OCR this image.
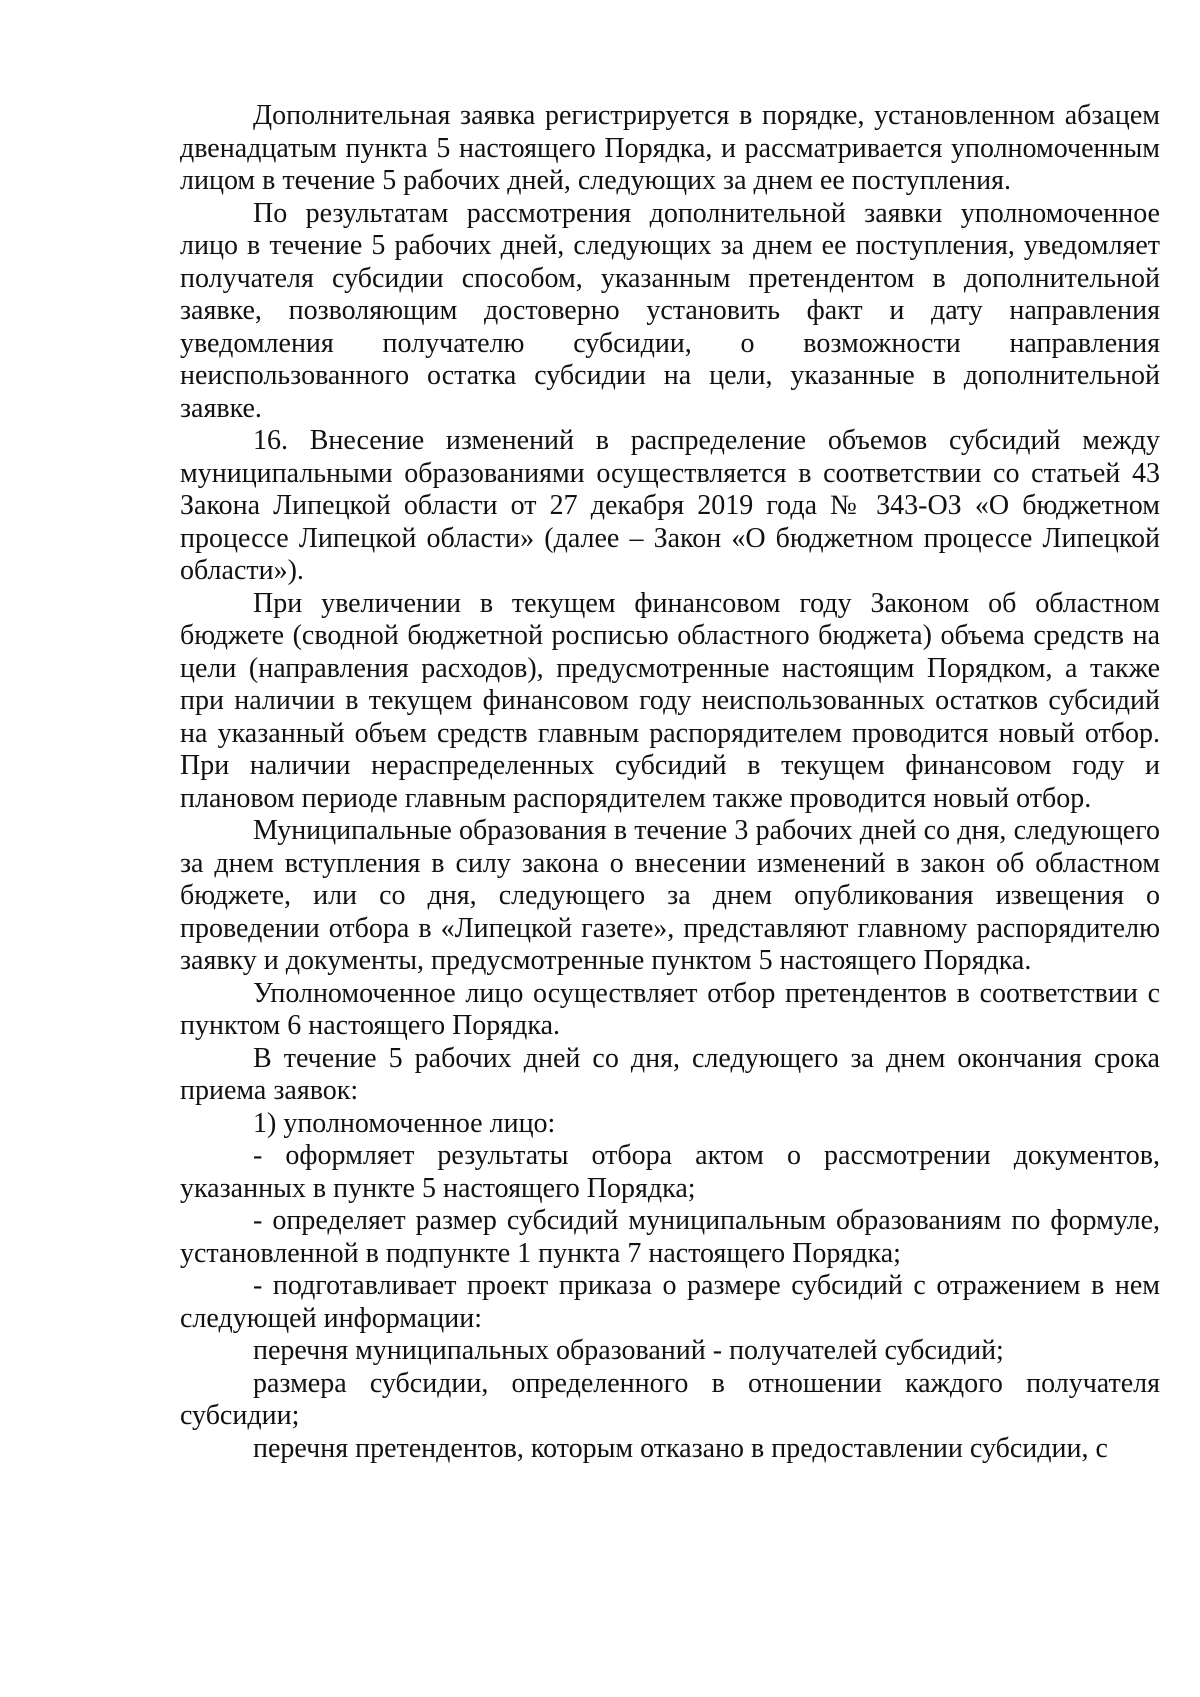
Дополнительная заявка регистрируется в порядке, установленном абзацем двенадцатым пункта 5 настоящего Порядка, и рассматривается уполномоченным лицом в течение 5 рабочих дней, следующих за днем ее поступления.

По результатам рассмотрения дополнительной заявки уполномоченное лицо в течение 5 рабочих дней, следующих за днем ее поступления, уведомляет получателя субсидии способом, указанным претендентом в дополнительной заявке, позволяющим достоверно установить факт и дату направления уведомления получателю субсидии, о возможности направления неиспользованного остатка субсидии на цели, указанные в дополнительной заявке.

16. Внесение изменений в распределение объемов субсидий между муниципальными образованиями осуществляется в соответствии со статьей 43 Закона Липецкой области от 27 декабря 2019 года № 343-ОЗ «О бюджетном процессе Липецкой области» (далее – Закон «О бюджетном процессе Липецкой области»).

При увеличении в текущем финансовом году Законом об областном бюджете (сводной бюджетной росписью областного бюджета) объема средств на цели (направления расходов), предусмотренные настоящим Порядком, а также при наличии в текущем финансовом году неиспользованных остатков субсидий на указанный объем средств главным распорядителем проводится новый отбор. При наличии нераспределенных субсидий в текущем финансовом году и плановом периоде главным распорядителем также проводится новый отбор.

Муниципальные образования в течение 3 рабочих дней со дня, следующего за днем вступления в силу закона о внесении изменений в закон об областном бюджете, или со дня, следующего за днем опубликования извещения о проведении отбора в «Липецкой газете», представляют главному распорядителю заявку и документы, предусмотренные пунктом 5 настоящего Порядка.

Уполномоченное лицо осуществляет отбор претендентов в соответствии с пунктом 6 настоящего Порядка.

В течение 5 рабочих дней со дня, следующего за днем окончания срока приема заявок:

1) уполномоченное лицо:

- оформляет результаты отбора актом о рассмотрении документов, указанных в пункте 5 настоящего Порядка;

- определяет размер субсидий муниципальным образованиям по формуле, установленной в подпункте 1 пункта 7 настоящего Порядка;

- подготавливает проект приказа о размере субсидий с отражением в нем следующей информации:

перечня муниципальных образований - получателей субсидий;

размера субсидии, определенного в отношении каждого получателя субсидии;

перечня претендентов, которым отказано в предоставлении субсидии, с
